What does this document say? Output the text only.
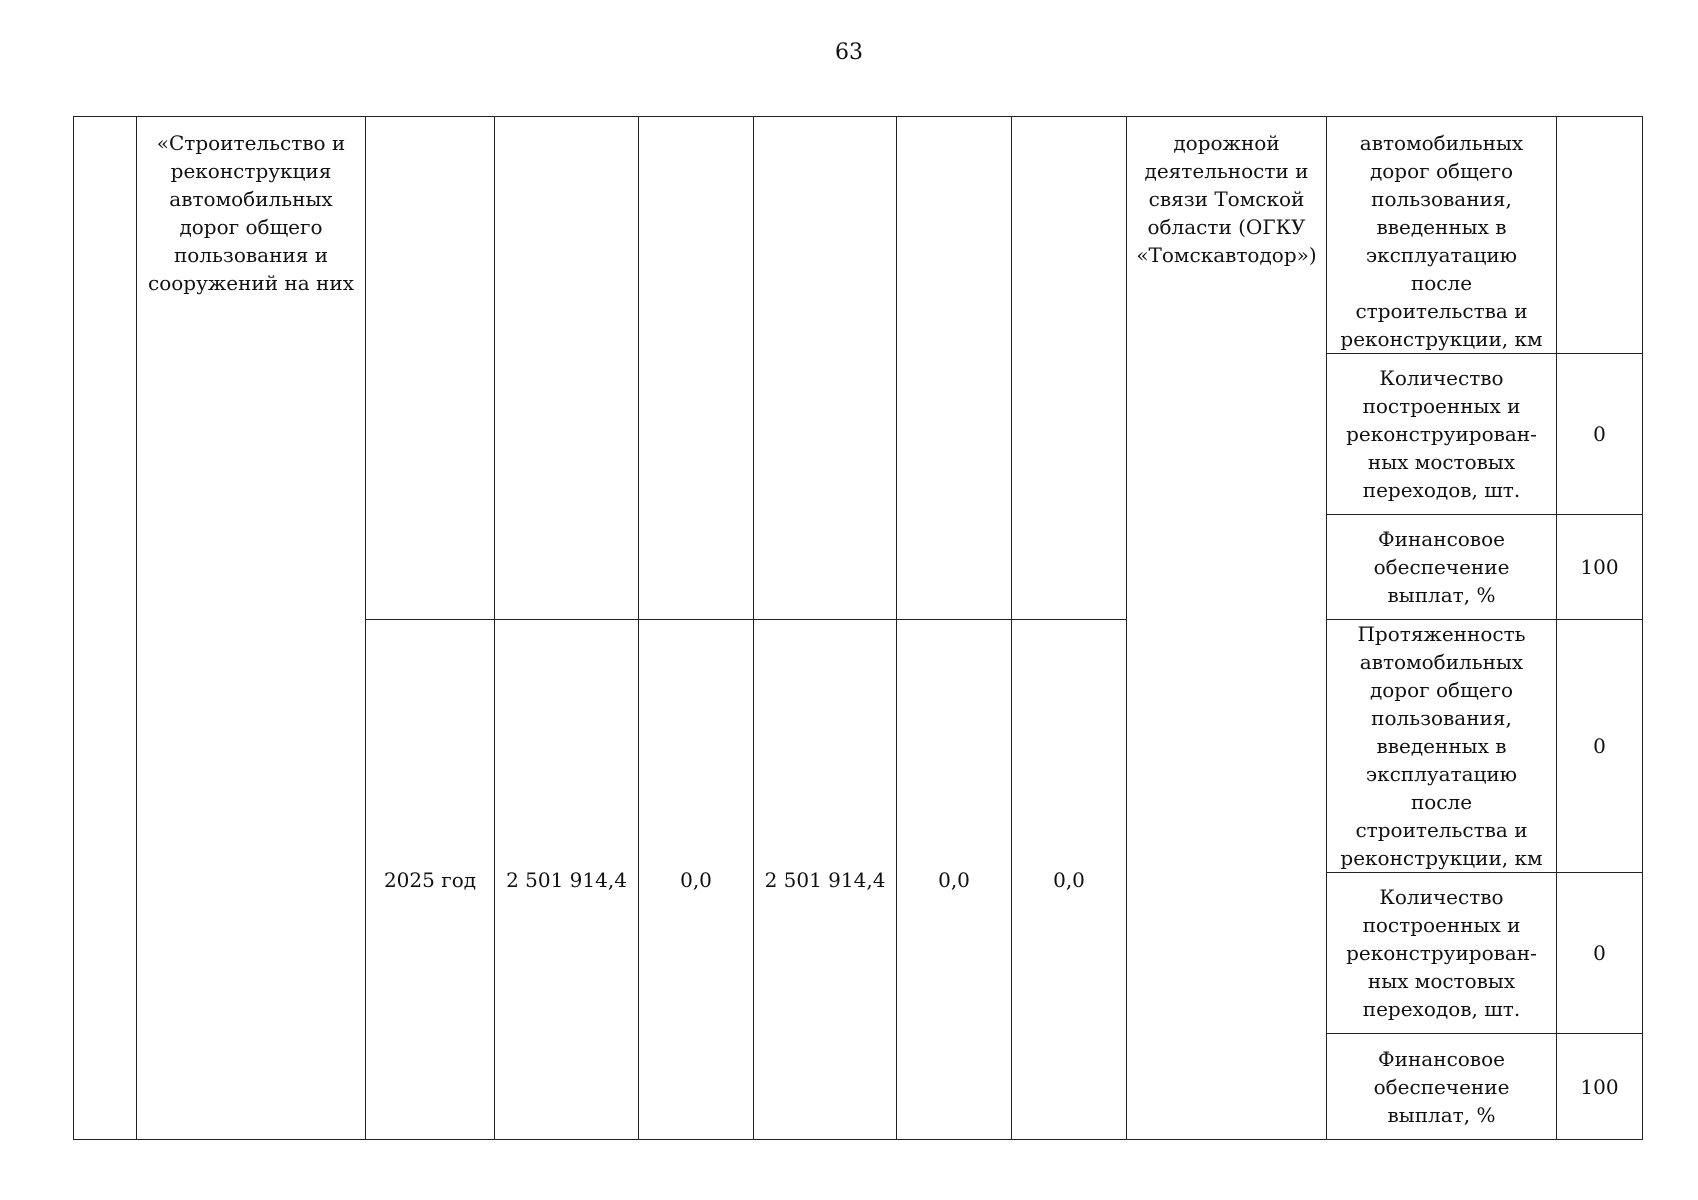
63
	«Строительство и реконструкция автомобильных дорог общего пользования и сооружений на них							дорожной деятельности и связи Томской области (ОГКУ «Томскавтодор»)	автомобильных дорог общего пользования, введенных в эксплуатацию после строительства и реконструкции, км	
									Количество построенных и реконструирован-ных мостовых переходов, шт.	0
									Финансовое обеспечение выплат, %	100
		2025 год	2 501 914,4	0,0	2 501 914,4	0,0	0,0		Протяженность автомобильных дорог общего пользования, введенных в эксплуатацию после строительства и реконструкции, км	0
									Количество построенных и реконструирован-ных мостовых переходов, шт.	0
									Финансовое обеспечение выплат, %	100
